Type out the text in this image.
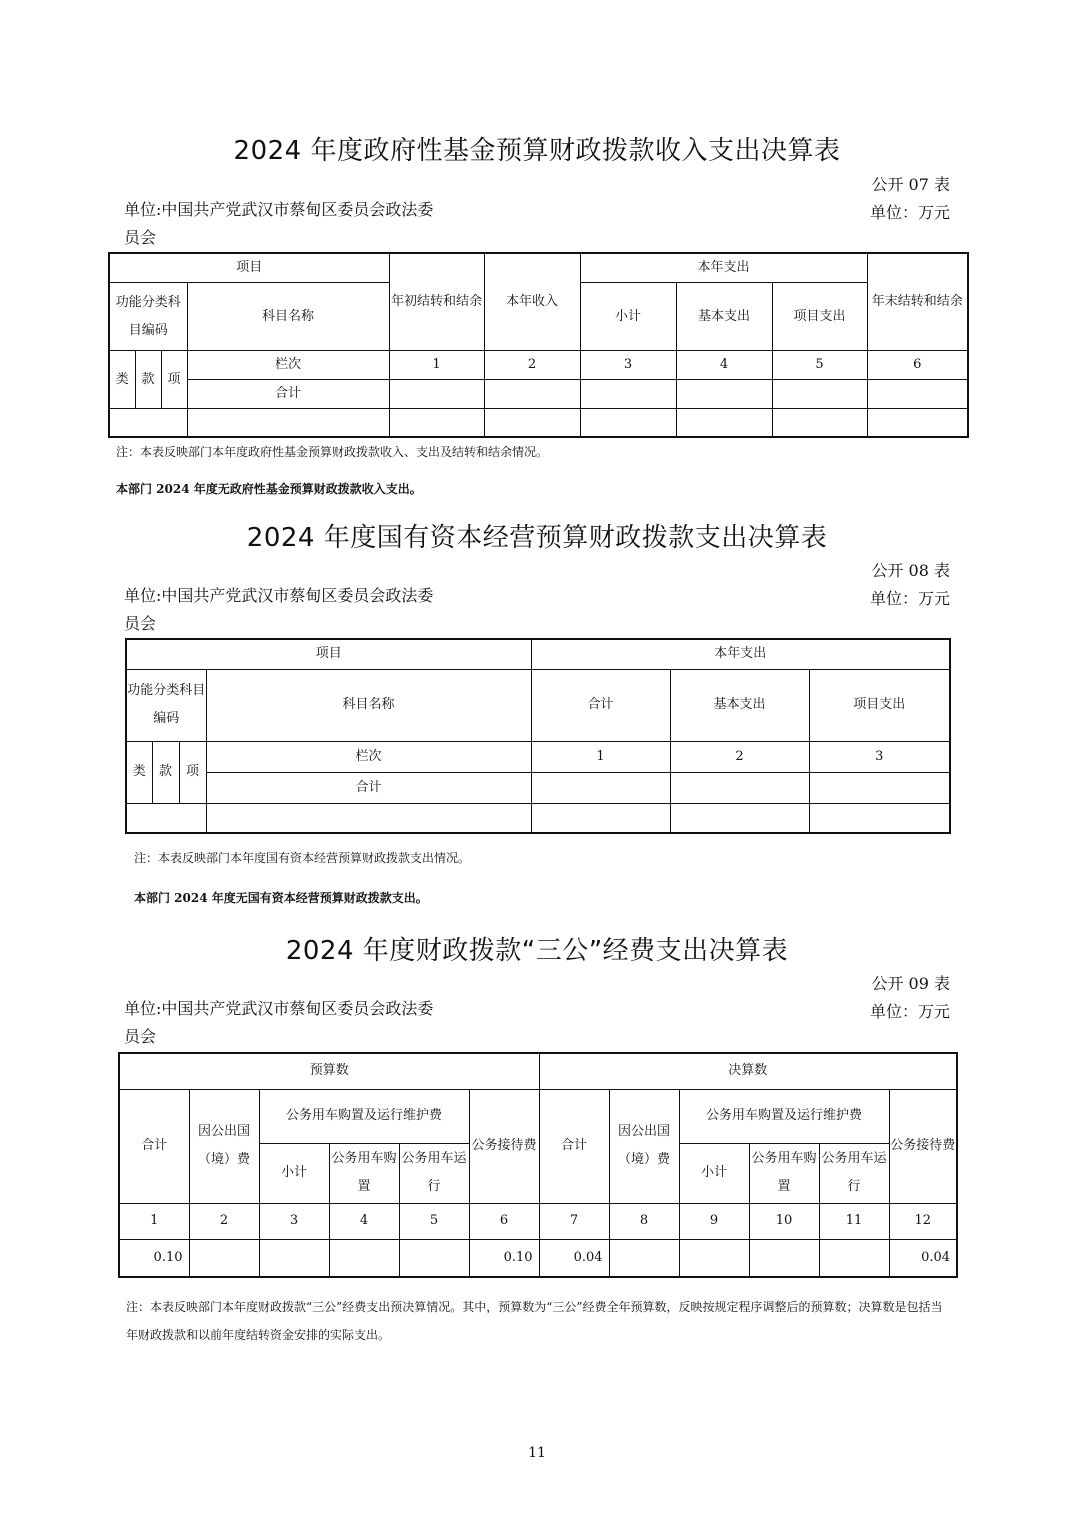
2024 年度政府性基金预算财政拨款收入支出决算表
公开 07 表
单位:中国共产党武汉市蔡甸区委员会政法委员会
单位：万元
项目				年初结转和结余	本年收入	本年支出			年末结转和结余
功能分类科目编码			科目名称			小计	基本支出	项目支出	
类	款	项	栏次	1	2	3	4	5	6
			合计						

注：本表反映部门本年度政府性基金预算财政拨款收入、支出及结转和结余情况。
本部门 2024 年度无政府性基金预算财政拨款收入支出。
2024 年度国有资本经营预算财政拨款支出决算表
公开 08 表
单位:中国共产党武汉市蔡甸区委员会政法委员会
单位：万元
项目				本年支出		
功能分类科目编码			科目名称	合计	基本支出	项目支出
类	款	项	栏次	1	2	3
			合计			

注：本表反映部门本年度国有资本经营预算财政拨款支出情况。
本部门 2024 年度无国有资本经营预算财政拨款支出。
2024 年度财政拨款“三公”经费支出决算表
公开 09 表
单位:中国共产党武汉市蔡甸区委员会政法委员会
单位：万元
预算数						决算数					
合计	因公出国（境）费	公务用车购置及运行维护费			公务接待费	合计	因公出国（境）费	公务用车购置及运行维护费			公务接待费
		小计	公务用车购置	公务用车运行				小计	公务用车购置	公务用车运行	
1	2	3	4	5	6	7	8	9	10	11	12
0.10					0.10	0.04					0.04
注：本表反映部门本年度财政拨款“三公”经费支出预决算情况。其中，预算数为“三公”经费全年预算数，反映按规定程序调整后的预算数；决算数是包括当年财政拨款和以前年度结转资金安排的实际支出。
11
